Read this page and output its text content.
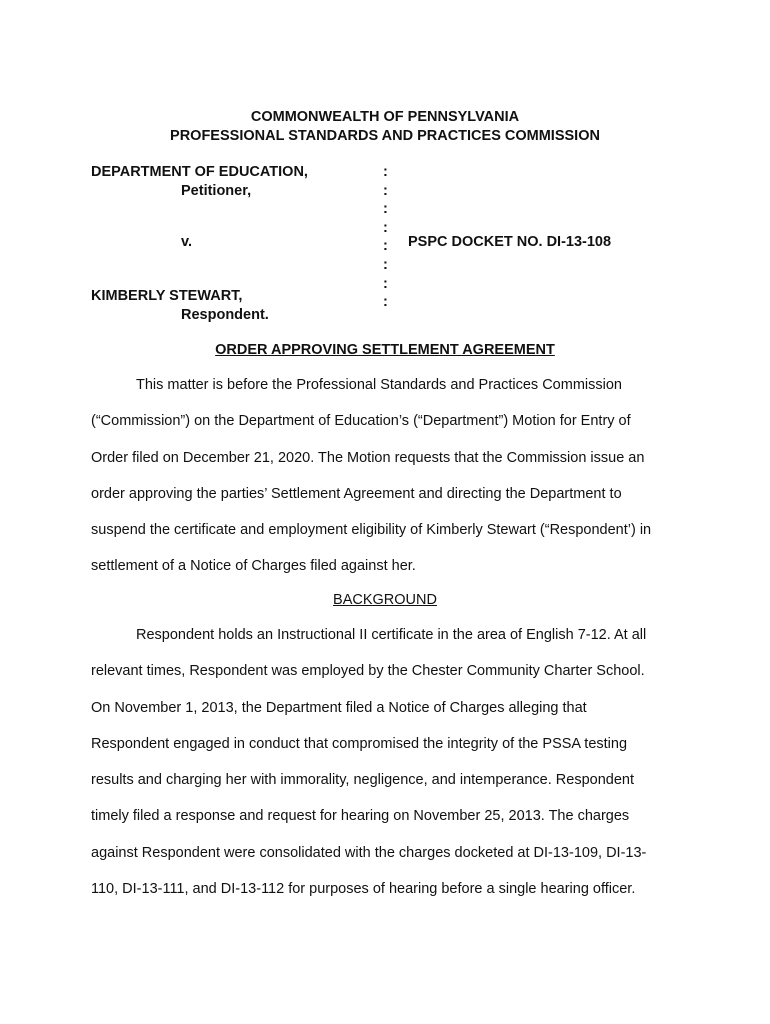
COMMONWEALTH OF PENNSYLVANIA
PROFESSIONAL STANDARDS AND PRACTICES COMMISSION
DEPARTMENT OF EDUCATION,
Petitioner,
v.
KIMBERLY STEWART,
Respondent.
:
:
:
:
:
:
:
:
PSPC DOCKET NO. DI-13-108
ORDER APPROVING SETTLEMENT AGREEMENT
This matter is before the Professional Standards and Practices Commission
(“Commission”) on the Department of Education’s (“Department”) Motion for Entry of
Order filed on December 21, 2020. The Motion requests that the Commission issue an
order approving the parties’ Settlement Agreement and directing the Department to
suspend the certificate and employment eligibility of Kimberly Stewart (“Respondent’) in
settlement of a Notice of Charges filed against her.
BACKGROUND
Respondent holds an Instructional II certificate in the area of English 7-12. At all
relevant times, Respondent was employed by the Chester Community Charter School.
On November 1, 2013, the Department filed a Notice of Charges alleging that
Respondent engaged in conduct that compromised the integrity of the PSSA testing
results and charging her with immorality, negligence, and intemperance. Respondent
timely filed a response and request for hearing on November 25, 2013. The charges
against Respondent were consolidated with the charges docketed at DI-13-109, DI-13-
110, DI-13-111, and DI-13-112 for purposes of hearing before a single hearing officer.
